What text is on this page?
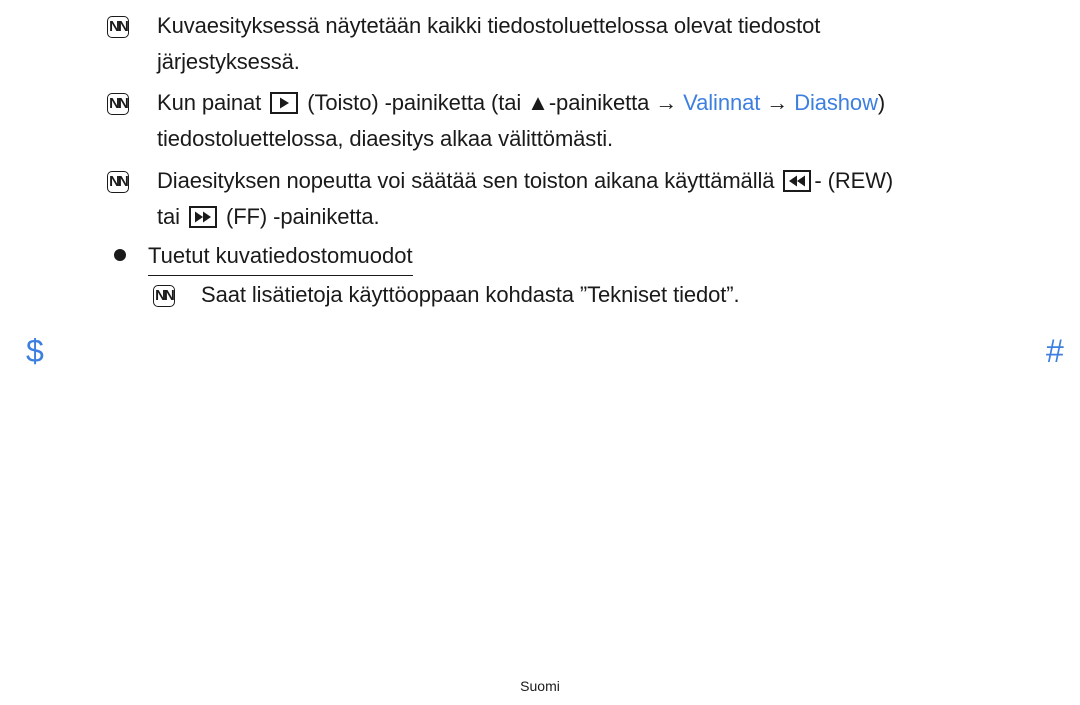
NN Kuvaesityksessä näytetään kaikki tiedostoluettelossa olevat tiedostot
järjestyksessä.
NN Kun painat (Toisto) -painiketta (tai ▲-painiketta → Valinnat → Diashow)
tiedostoluettelossa, diaesitys alkaa välittömästi.
NN Diaesityksen nopeutta voi säätää sen toiston aikana käyttämällä - (REW)
tai (FF) -painiketta.
Tuetut kuvatiedostomuodot
NN Saat lisätietoja käyttöoppaan kohdasta ”Tekniset tiedot”.
$	#
Suomi
